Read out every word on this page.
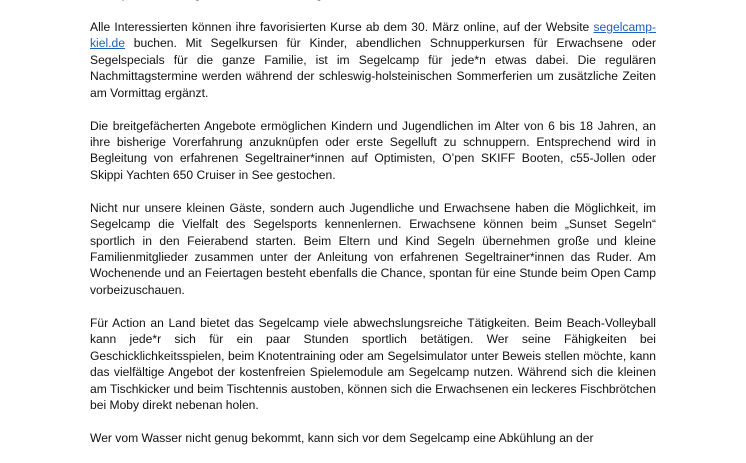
Alle Interessierten können ihre favorisierten Kurse ab dem 30. März online, auf der Website segelcamp-kiel.de buchen. Mit Segelkursen für Kinder, abendlichen Schnupperkursen für Erwachsene oder Segelspecials für die ganze Familie, ist im Segelcamp für jede*n etwas dabei. Die regulären Nachmittagstermine werden während der schleswig-holsteinischen Sommerferien um zusätzliche Zeiten am Vormittag ergänzt.

Die breitgefächerten Angebote ermöglichen Kindern und Jugendlichen im Alter von 6 bis 18 Jahren, an ihre bisherige Vorerfahrung anzuknüpfen oder erste Segelluft zu schnuppern. Entsprechend wird in Begleitung von erfahrenen Segeltrainer*innen auf Optimisten, O’pen SKIFF Booten, c55-Jollen oder Skippi Yachten 650 Cruiser in See gestochen.

Nicht nur unsere kleinen Gäste, sondern auch Jugendliche und Erwachsene haben die Möglichkeit, im Segelcamp die Vielfalt des Segelsports kennenlernen. Erwachsene können beim „Sunset Segeln“ sportlich in den Feierabend starten. Beim Eltern und Kind Segeln übernehmen große und kleine Familienmitglieder zusammen unter der Anleitung von erfahrenen Segeltrainer*innen das Ruder. Am Wochenende und an Feiertagen besteht ebenfalls die Chance, spontan für eine Stunde beim Open Camp vorbeizuschauen.

Für Action an Land bietet das Segelcamp viele abwechslungsreiche Tätigkeiten. Beim Beach-Volleyball kann jede*r sich für ein paar Stunden sportlich betätigen. Wer seine Fähigkeiten bei Geschicklichkeitsspielen, beim Knotentraining oder am Segelsimulator unter Beweis stellen möchte, kann das vielfältige Angebot der kostenfreien Spielemodule am Segelcamp nutzen. Während sich die kleinen am Tischkicker und beim Tischtennis austoben, können sich die Erwachsenen ein leckeres Fischbrötchen bei Moby direkt nebenan holen.

Wer vom Wasser nicht genug bekommt, kann sich vor dem Segelcamp eine Abkühlung an der
